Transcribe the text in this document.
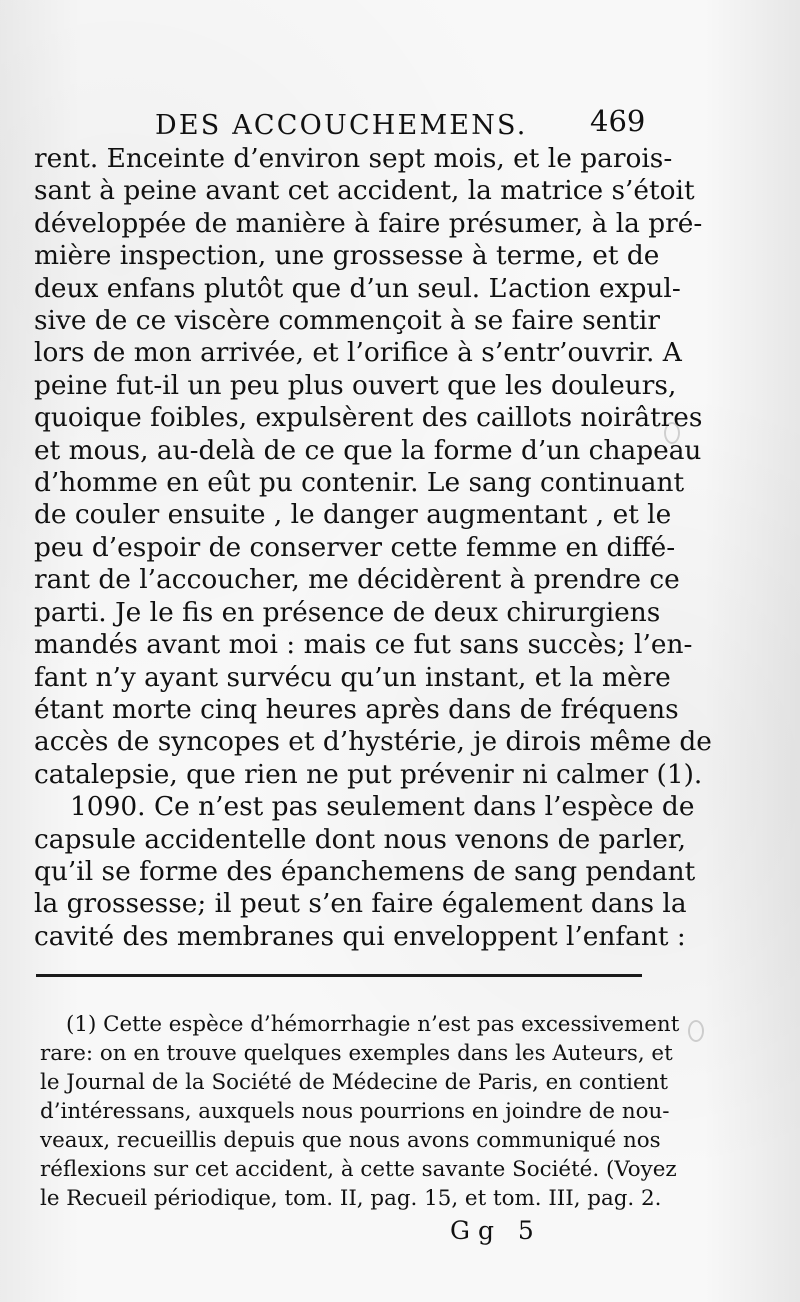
DES ACCOUCHEMENS. 469
rent. Enceinte d’environ sept mois, et le parois-
sant à peine avant cet accident, la matrice s’étoit
développée de manière à faire présumer, à la pré-
mière inspection, une grossesse à terme, et de
deux enfans plutôt que d’un seul. L’action expul-
sive de ce viscère commençoit à se faire sentir
lors de mon arrivée, et l’orifice à s’entr’ouvrir. A
peine fut-il un peu plus ouvert que les douleurs,
quoique foibles, expulsèrent des caillots noirâtres
et mous, au-delà de ce que la forme d’un chapeau
d’homme en eût pu contenir. Le sang continuant
de couler ensuite , le danger augmentant , et le
peu d’espoir de conserver cette femme en diffé-
rant de l’accoucher, me décidèrent à prendre ce
parti. Je le fis en présence de deux chirurgiens
mandés avant moi : mais ce fut sans succès; l’en-
fant n’y ayant survécu qu’un instant, et la mère
étant morte cinq heures après dans de fréquens
accès de syncopes et d’hystérie, je dirois même de
catalepsie, que rien ne put prévenir ni calmer (1).
1090. Ce n’est pas seulement dans l’espèce de
capsule accidentelle dont nous venons de parler,
qu’il se forme des épanchemens de sang pendant
la grossesse; il peut s’en faire également dans la
cavité des membranes qui enveloppent l’enfant :
(1) Cette espèce d’hémorrhagie n’est pas excessivement
rare: on en trouve quelques exemples dans les Auteurs, et
le Journal de la Société de Médecine de Paris, en contient
d’intéressans, auxquels nous pourrions en joindre de nou-
veaux, recueillis depuis que nous avons communiqué nos
réflexions sur cet accident, à cette savante Société. (Voyez
le Recueil périodique, tom. II, pag. 15, et tom. III, pag. 2.
Gg 5
